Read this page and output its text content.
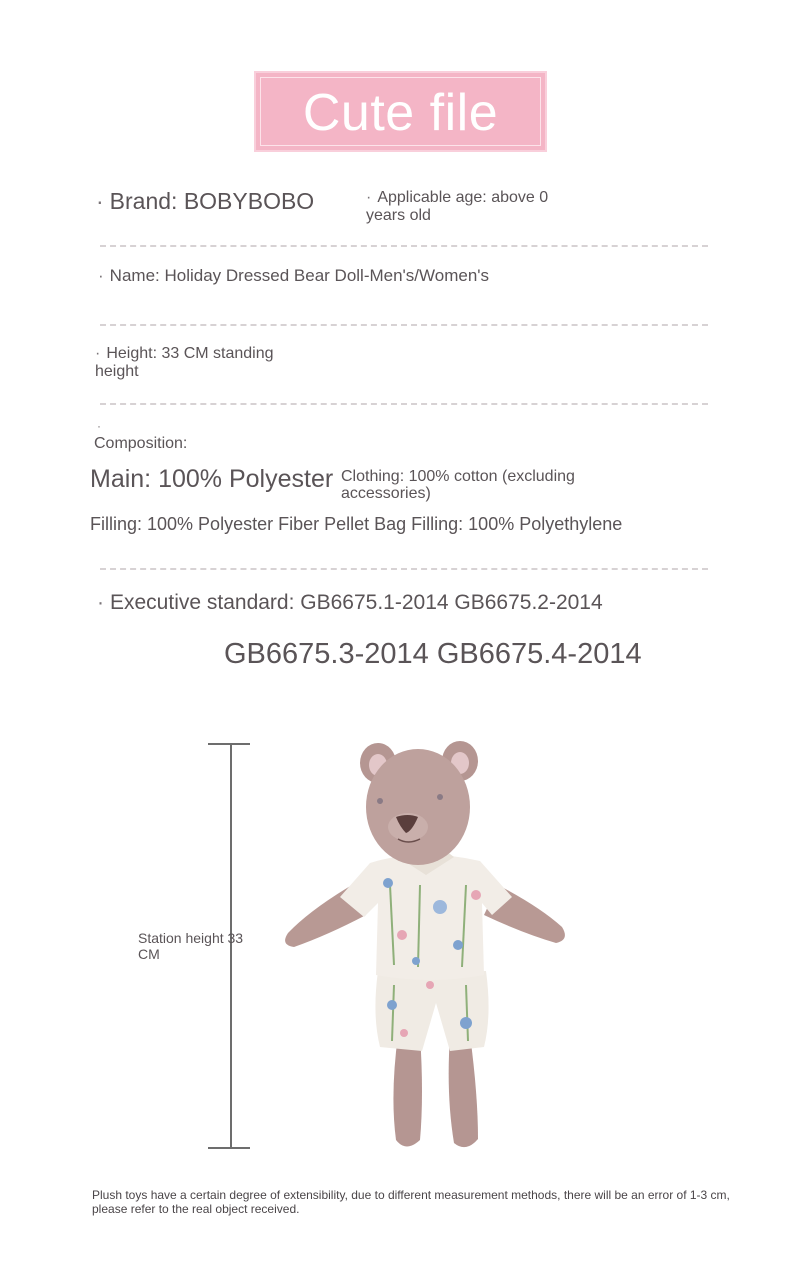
Cute file
· Brand: BOBYBOBO	· Applicable age: above 0 years old
· Name: Holiday Dressed Bear Doll-Men's/Women's
· Height: 33 CM standing height
·
Composition:
Main: 100% Polyester Clothing: 100% cotton (excluding accessories)
Filling: 100% Polyester Fiber Pellet Bag Filling: 100% Polyethylene
· Executive standard: GB6675.1-2014 GB6675.2-2014
GB6675.3-2014 GB6675.4-2014
Station height 33 CM
Plush toys have a certain degree of extensibility, due to different measurement methods, there will be an error of 1-3 cm, please refer to the real object received.
